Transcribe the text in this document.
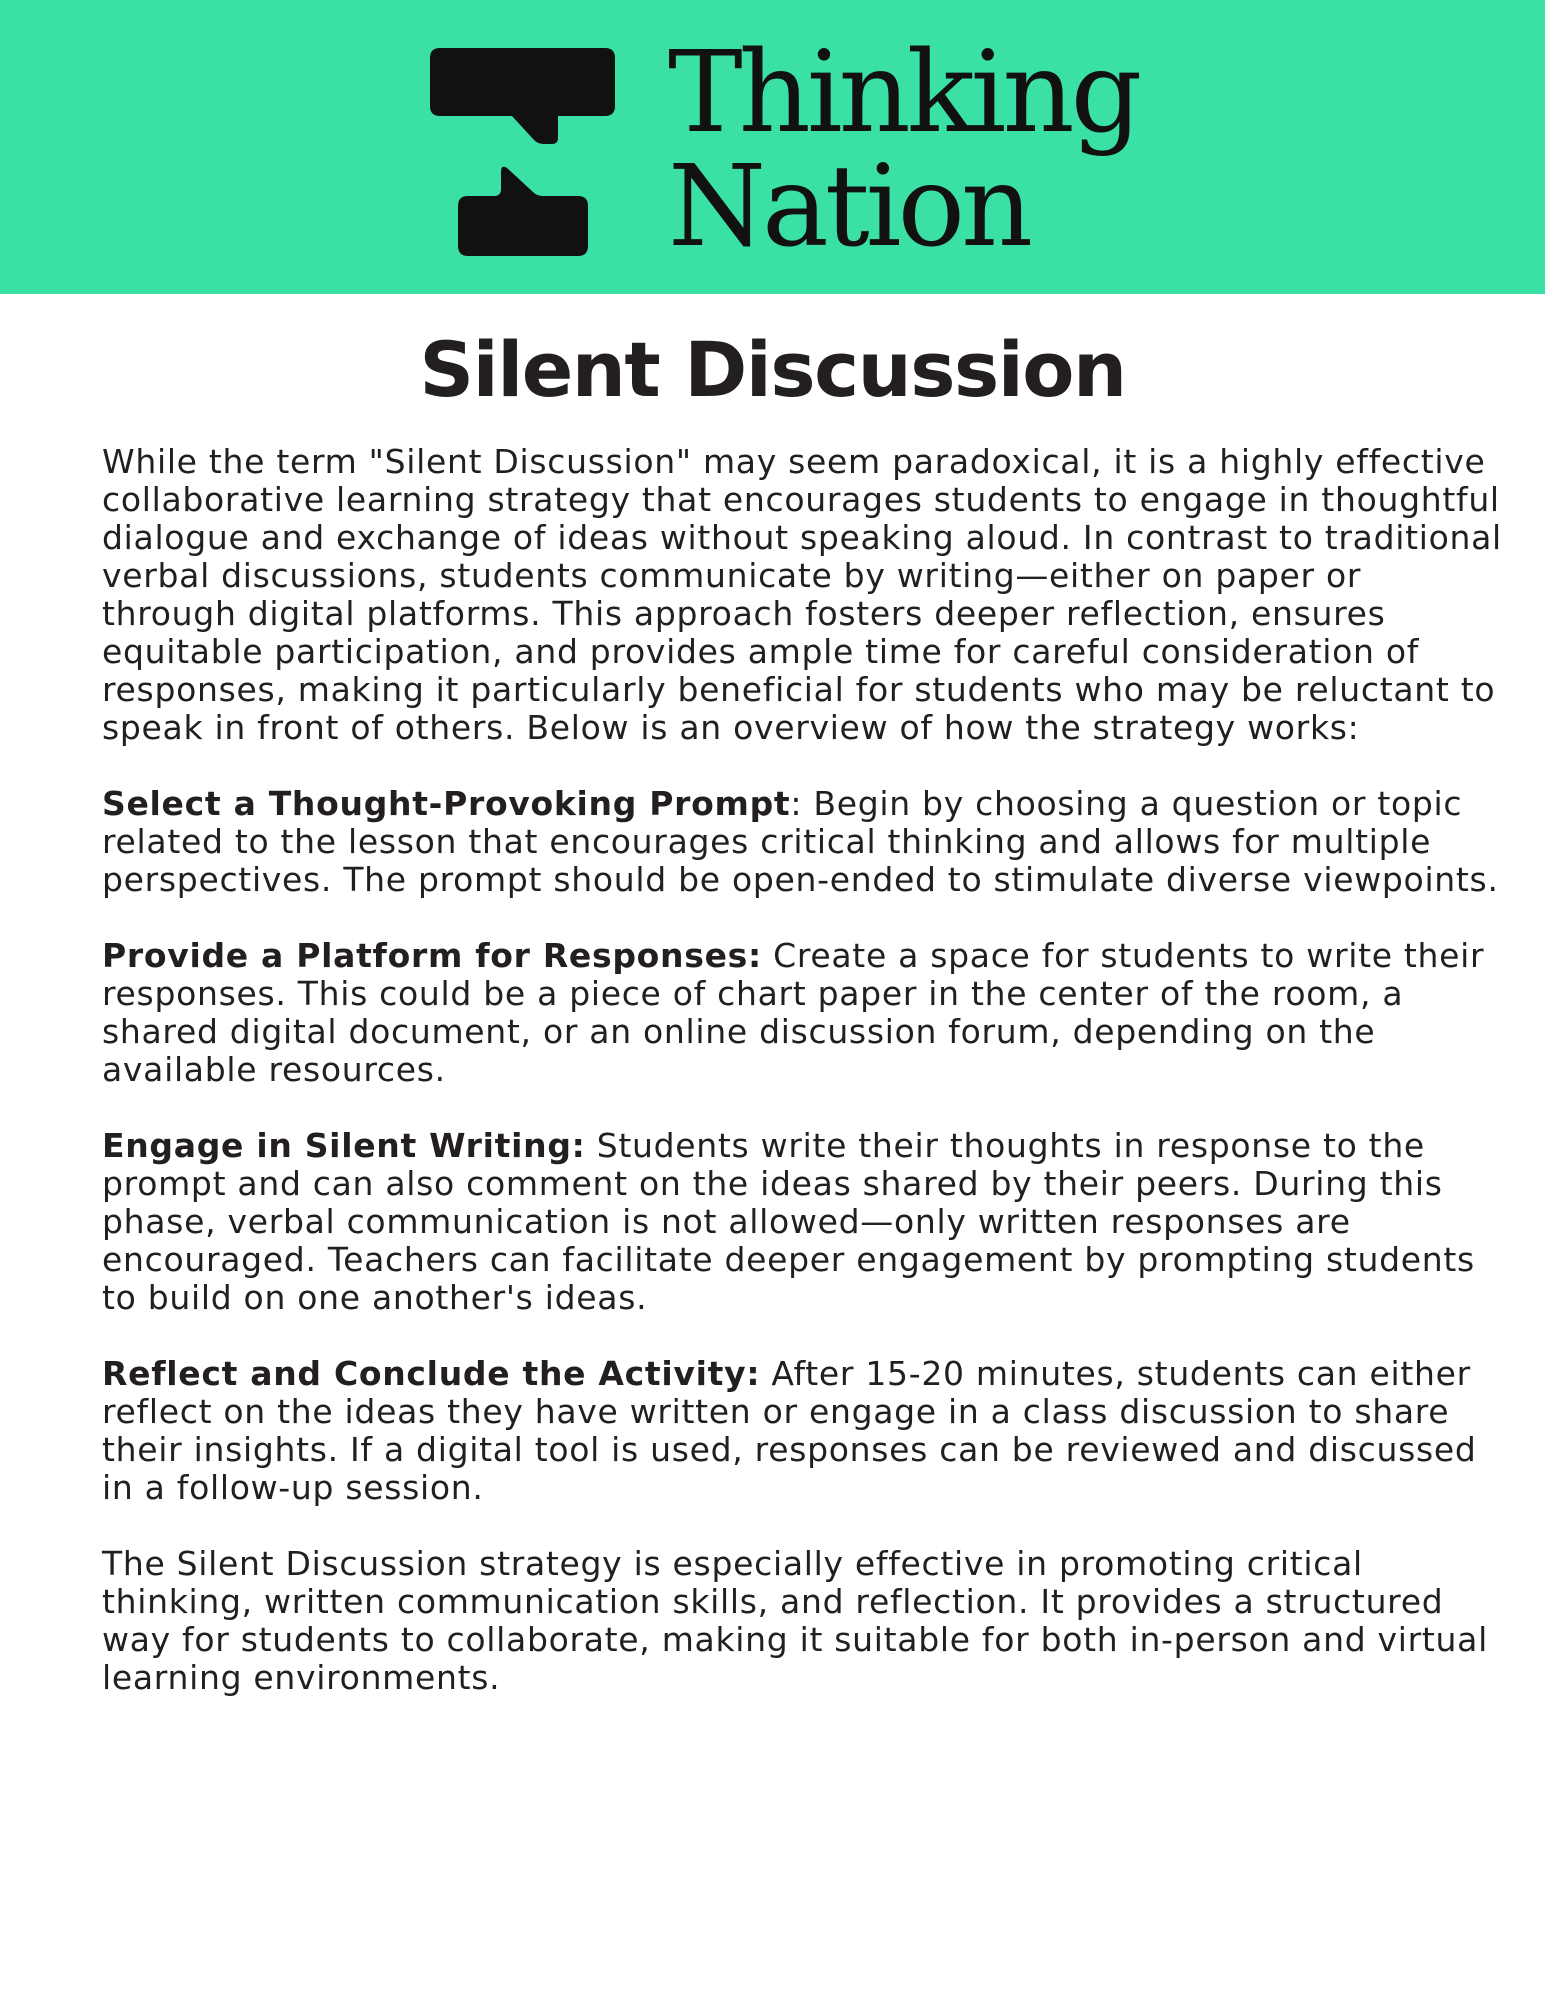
Thinking
Nation
Silent Discussion

While the term "Silent Discussion" may seem paradoxical, it is a highly effective collaborative learning strategy that encourages students to engage in thoughtful dialogue and exchange of ideas without speaking aloud. In contrast to traditional verbal discussions, students communicate by writing—either on paper or through digital platforms. This approach fosters deeper reflection, ensures equitable participation, and provides ample time for careful consideration of responses, making it particularly beneficial for students who may be reluctant to speak in front of others. Below is an overview of how the strategy works:

Select a Thought-Provoking Prompt: Begin by choosing a question or topic related to the lesson that encourages critical thinking and allows for multiple perspectives. The prompt should be open-ended to stimulate diverse viewpoints.

Provide a Platform for Responses: Create a space for students to write their responses. This could be a piece of chart paper in the center of the room, a shared digital document, or an online discussion forum, depending on the available resources.

Engage in Silent Writing: Students write their thoughts in response to the prompt and can also comment on the ideas shared by their peers. During this phase, verbal communication is not allowed—only written responses are encouraged. Teachers can facilitate deeper engagement by prompting students to build on one another's ideas.

Reflect and Conclude the Activity: After 15-20 minutes, students can either reflect on the ideas they have written or engage in a class discussion to share their insights. If a digital tool is used, responses can be reviewed and discussed in a follow-up session.

The Silent Discussion strategy is especially effective in promoting critical thinking, written communication skills, and reflection. It provides a structured way for students to collaborate, making it suitable for both in-person and virtual learning environments.
